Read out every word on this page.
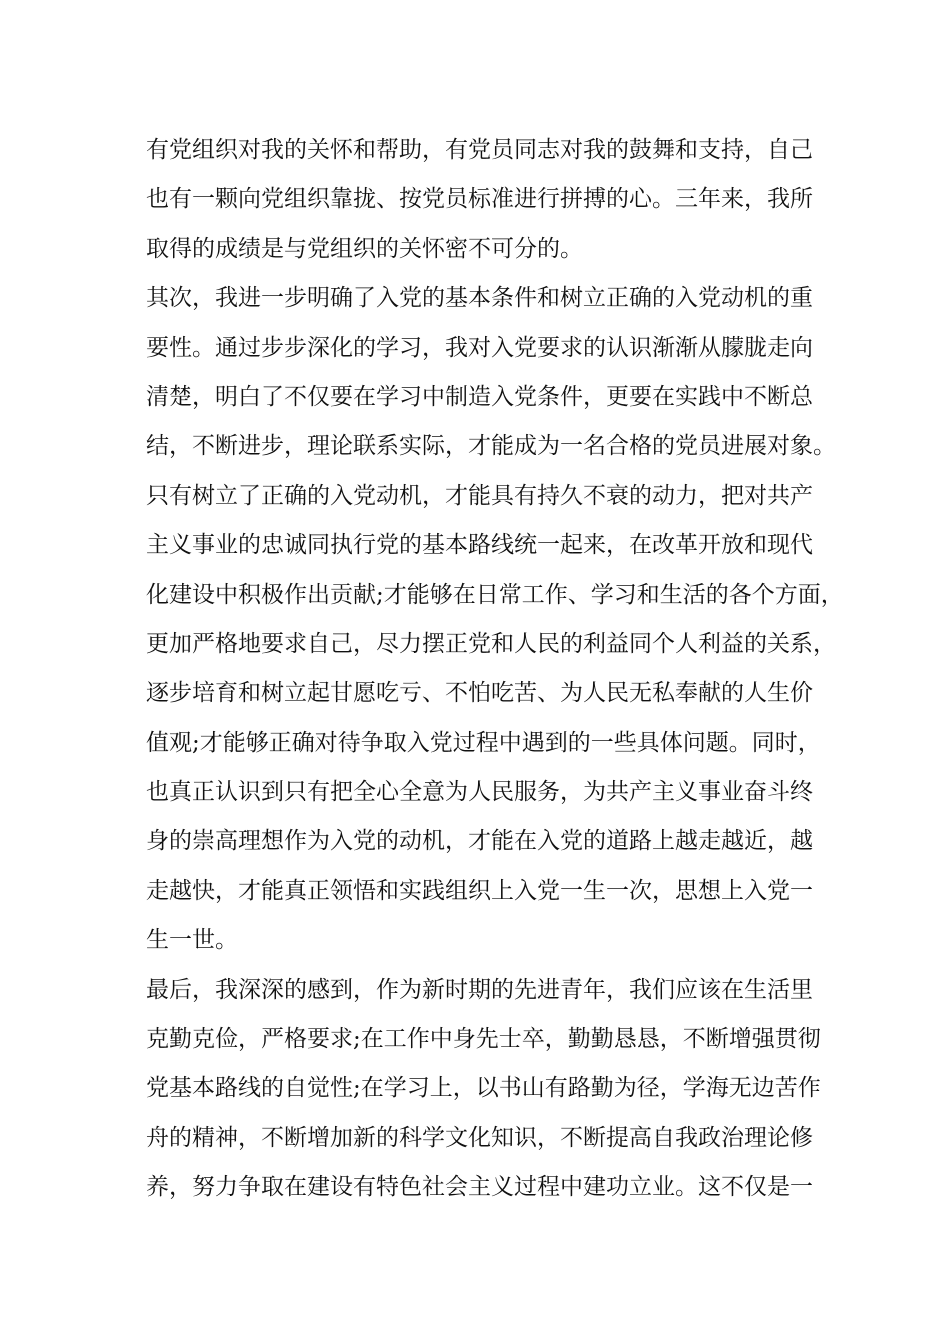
有党组织对我的关怀和帮助，有党员同志对我的鼓舞和支持，自己
也有一颗向党组织靠拢、按党员标准进行拼搏的心。三年来，我所
取得的成绩是与党组织的关怀密不可分的。
其次，我进一步明确了入党的基本条件和树立正确的入党动机的重
要性。通过步步深化的学习，我对入党要求的认识渐渐从朦胧走向
清楚，明白了不仅要在学习中制造入党条件，更要在实践中不断总
结，不断进步，理论联系实际，才能成为一名合格的党员进展对象。
只有树立了正确的入党动机，才能具有持久不衰的动力，把对共产
主义事业的忠诚同执行党的基本路线统一起来，在改革开放和现代
化建设中积极作出贡献;才能够在日常工作、学习和生活的各个方面，
更加严格地要求自己，尽力摆正党和人民的利益同个人利益的关系，
逐步培育和树立起甘愿吃亏、不怕吃苦、为人民无私奉献的人生价
值观;才能够正确对待争取入党过程中遇到的一些具体问题。同时，
也真正认识到只有把全心全意为人民服务，为共产主义事业奋斗终
身的崇高理想作为入党的动机，才能在入党的道路上越走越近，越
走越快，才能真正领悟和实践组织上入党一生一次，思想上入党一
生一世。
最后，我深深的感到，作为新时期的先进青年，我们应该在生活里
克勤克俭，严格要求;在工作中身先士卒，勤勤恳恳，不断增强贯彻
党基本路线的自觉性;在学习上，以书山有路勤为径，学海无边苦作
舟的精神，不断增加新的科学文化知识，不断提高自我政治理论修
养，努力争取在建设有特色社会主义过程中建功立业。这不仅是一
